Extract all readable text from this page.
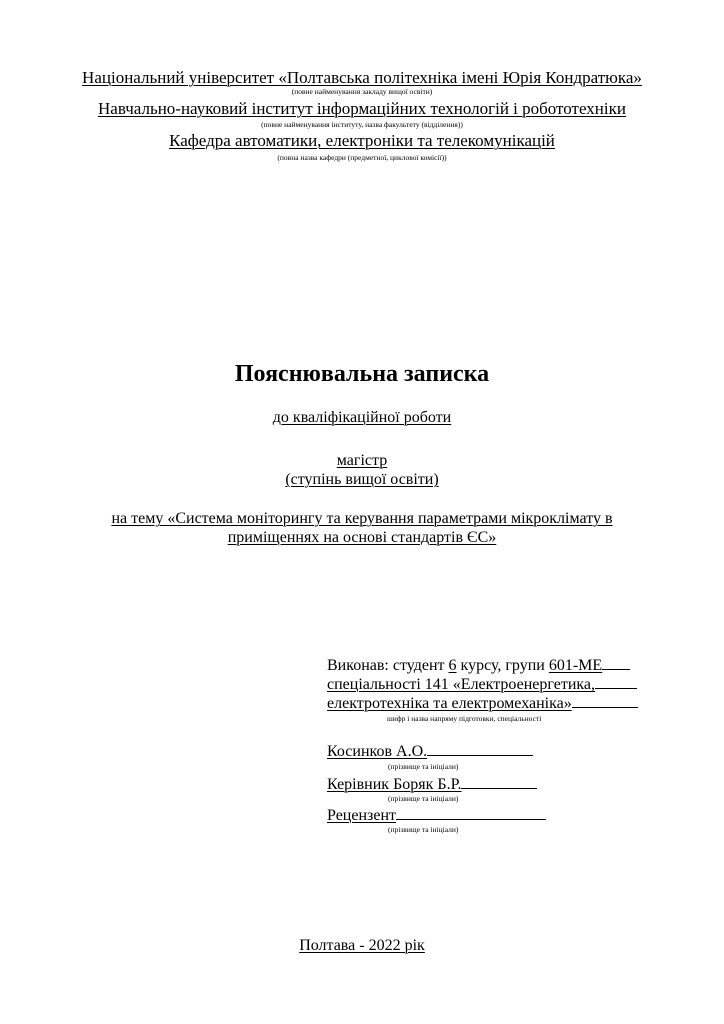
Національний університет «Полтавська політехніка імені Юрія Кондратюка»
(повне найменування закладу вищої освіти)
Навчально-науковий інститут інформаційних технологій і робототехніки
(повне найменування інституту, назва факультету (відділення))
Кафедра автоматики, електроніки та телекомунікацій
(повна назва кафедри (предметної, циклової комісії))
Пояснювальна записка
до кваліфікаційної роботи
магістр
(ступінь вищої освіти)
на тему «Система моніторингу та керування параметрами мікроклімату в
приміщеннях на основі стандартів ЄС»
Виконав: студент 6 курсу, групи 601-МЕ
спеціальності 141 «Електроенергетика,
електротехніка та електромеханіка»
шифр і назва напряму підготовки, спеціальності
Косинков А.О.
(прізвище та ініціали)
Керівник Боряк Б.Р.
(прізвище та ініціали)
Рецензент
(прізвище та ініціали)
Полтава - 2022 рік
